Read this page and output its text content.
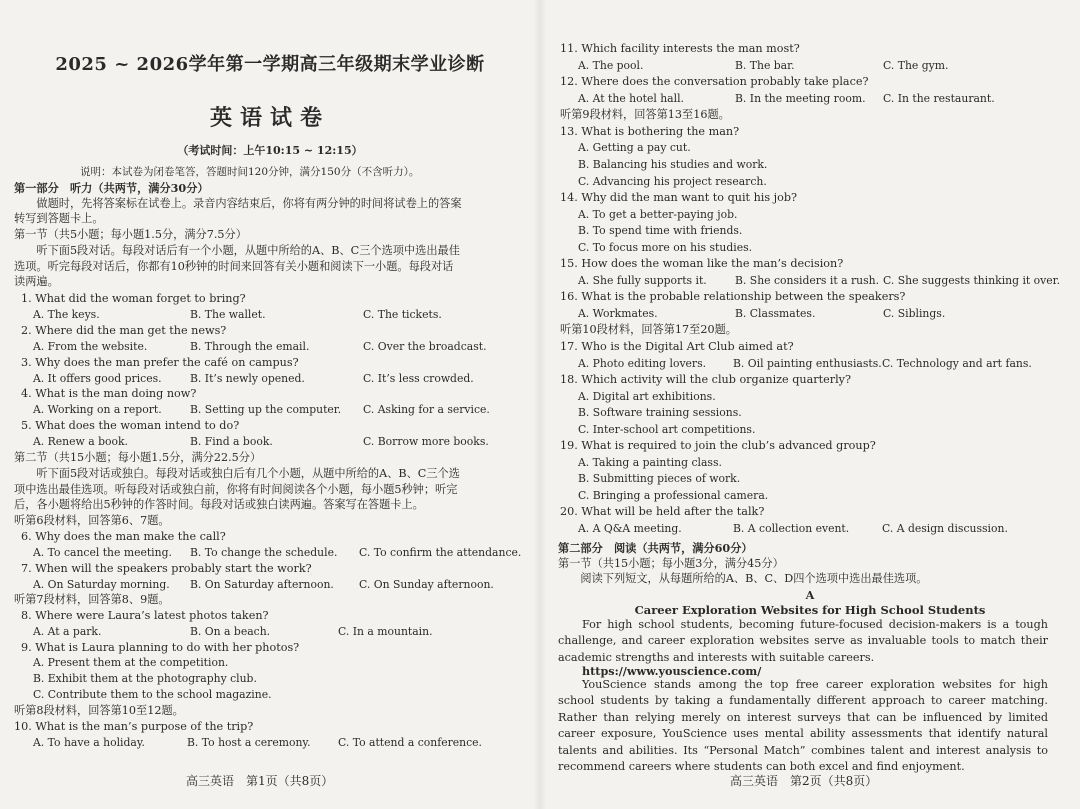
2025 ~ 2026学年第一学期高三年级期末学业诊断
英语试卷
（考试时间：上午10:15 ~ 12:15）
说明：本试卷为闭卷笔答，答题时间120分钟，满分150分（不含听力）。
第一部分　听力（共两节，满分30分）
　　做题时，先将答案标在试卷上。录音内容结束后，你将有两分钟的时间将试卷上的答案
转写到答题卡上。
第一节（共5小题；每小题1.5分，满分7.5分）
　　听下面5段对话。每段对话后有一个小题，从题中所给的A、B、C三个选项中选出最佳
选项。听完每段对话后，你都有10秒钟的时间来回答有关小题和阅读下一小题。每段对话
读两遍。
1. What did the woman forget to bring?
A. The keys.	B. The wallet.	C. The tickets.
2. Where did the man get the news?
A. From the website.	B. Through the email.	C. Over the broadcast.
3. Why does the man prefer the café on campus?
A. It offers good prices.	B. It’s newly opened.	C. It’s less crowded.
4. What is the man doing now?
A. Working on a report.	B. Setting up the computer. C. Asking for a service.
5. What does the woman intend to do?
A. Renew a book.	B. Find a book.	C. Borrow more books.
第二节（共15小题；每小题1.5分，满分22.5分）
　　听下面5段对话或独白。每段对话或独白后有几个小题，从题中所给的A、B、C三个选
项中选出最佳选项。听每段对话或独白前，你将有时间阅读各个小题，每小题5秒钟；听完
后，各小题将给出5秒钟的作答时间。每段对话或独白读两遍。答案写在答题卡上。
听第6段材料，回答第6、7题。
6. Why does the man make the call?
A. To cancel the meeting. B. To change the schedule. C. To confirm the attendance.
7. When will the speakers probably start the work?
A. On Saturday morning. B. On Saturday afternoon. C. On Sunday afternoon.
听第7段材料，回答第8、9题。
8. Where were Laura’s latest photos taken?
A. At a park.	B. On a beach.	C. In a mountain.
9. What is Laura planning to do with her photos?
A. Present them at the competition.
B. Exhibit them at the photography club.
C. Contribute them to the school magazine.
听第8段材料，回答第10至12题。
10. What is the man’s purpose of the trip?
A. To have a holiday.	B. To host a ceremony.	C. To attend a conference.
高三英语　第1页（共8页）
11. Which facility interests the man most?
A. The pool.	B. The bar.	C. The gym.
12. Where does the conversation probably take place?
A. At the hotel hall.	B. In the meeting room. C. In the restaurant.
听第9段材料，回答第13至16题。
13. What is bothering the man?
A. Getting a pay cut.
B. Balancing his studies and work.
C. Advancing his project research.
14. Why did the man want to quit his job?
A. To get a better-paying job.
B. To spend time with friends.
C. To focus more on his studies.
15. How does the woman like the man’s decision?
A. She fully supports it.	B. She considers it a rush. C. She suggests thinking it over.
16. What is the probable relationship between the speakers?
A. Workmates.	B. Classmates.	C. Siblings.
听第10段材料，回答第17至20题。
17. Who is the Digital Art Club aimed at?
A. Photo editing lovers. B. Oil painting enthusiasts. C. Technology and art fans.
18. Which activity will the club organize quarterly?
A. Digital art exhibitions.
B. Software training sessions.
C. Inter-school art competitions.
19. What is required to join the club’s advanced group?
A. Taking a painting class.
B. Submitting pieces of work.
C. Bringing a professional camera.
20. What will be held after the talk?
A. A Q&A meeting.	B. A collection event.	C. A design discussion.
第二部分　阅读（共两节，满分60分）
第一节（共15小题；每小题3分，满分45分）
　　阅读下列短文，从每题所给的A、B、C、D四个选项中选出最佳选项。
A
Career Exploration Websites for High School Students
For high school students, becoming future-focused decision-makers is a tough challenge, and career exploration websites serve as invaluable tools to match their academic strengths and interests with suitable careers.
https://www.youscience.com/
YouScience stands among the top free career exploration websites for high school students by taking a fundamentally different approach to career matching. Rather than relying merely on interest surveys that can be influenced by limited career exposure, YouScience uses mental ability assessments that identify natural talents and abilities. Its “Personal Match” combines talent and interest analysis to recommend careers where students can both excel and find enjoyment.
高三英语　第2页（共8页）
